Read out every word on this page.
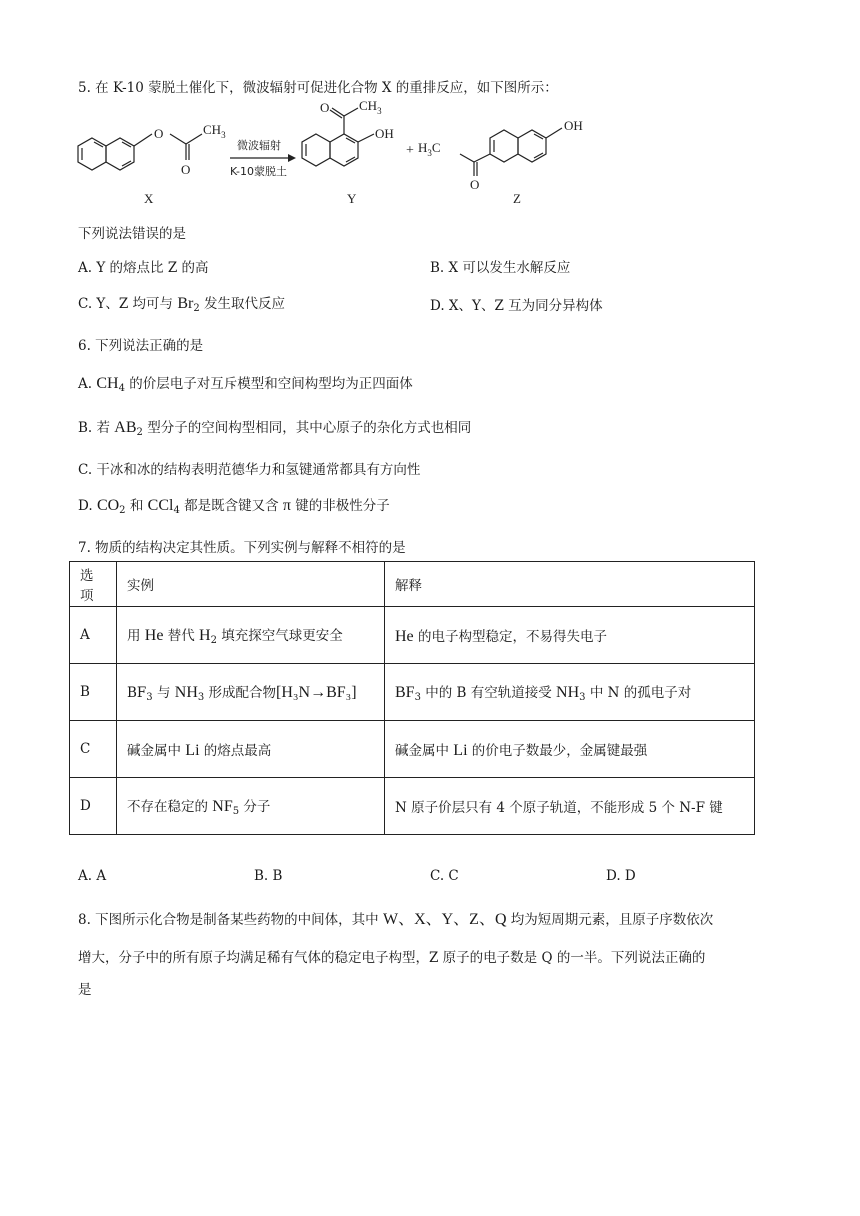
5. 在 K-10 蒙脱土催化下，微波辐射可促进化合物 X 的重排反应，如下图所示：
O	$CH_3$
O
O $CH_3$
OH
+ $H_3C$
O
OH
X	Y	Z
微波辐射
K-10蒙脱土
下列说法错误的是
A. Y 的熔点比 Z 的高	B. X 可以发生水解反应
C. Y、Z 均可与 $Br_2$ 发生取代反应	D. X、Y、Z 互为同分异构体
6. 下列说法正确的是
A. $CH_4$ 的价层电子对互斥模型和空间构型均为正四面体
B. 若 $AB_2$ 型分子的空间构型相同，其中心原子的杂化方式也相同
C. 干冰和冰的结构表明范德华力和氢键通常都具有方向性
D. $CO_2$ 和 CCl$_4$ 都是既含键又含 π 键的非极性分子
7. 物质的结构决定其性质。下列实例与解释不相符的是
选项	实例	解释
A	用 He 替代 $H_2$ 填充探空气球更安全	He 的电子构型稳定，不易得失电子
B	$BF_3$ 与 $NH_3$ 形成配合物[H₃N→BF₃]	$BF_3$ 中的 B 有空轨道接受 $NH_3$ 中 N 的孤电子对
C	碱金属中 Li 的熔点最高	碱金属中 Li 的价电子数最少，金属键最强
D	不存在稳定的 $NF_5$ 分子	N 原子价层只有 4 个原子轨道，不能形成 5 个 N-F 键
A. A	B. B	C. C	D. D
8. 下图所示化合物是制备某些药物的中间体，其中 W、X、Y、Z、Q 均为短周期元素，且原子序数依次
增大，分子中的所有原子均满足稀有气体的稳定电子构型，Z 原子的电子数是 Q 的一半。下列说法正确的
是
